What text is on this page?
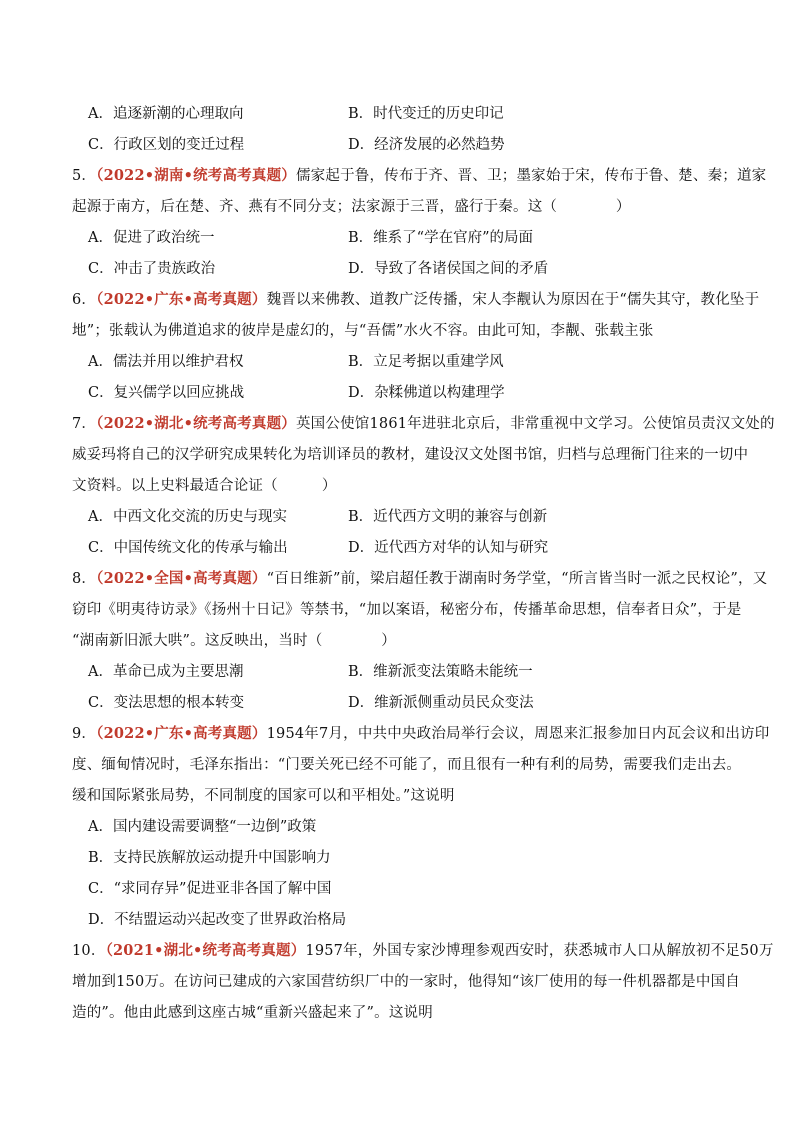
A．追逐新潮的心理取向	B．时代变迁的历史印记
C．行政区划的变迁过程	D．经济发展的必然趋势
5．（2022•湖南•统考高考真题）儒家起于鲁，传布于齐、晋、卫；墨家始于宋，传布于鲁、楚、秦；道家
起源于南方，后在楚、齐、燕有不同分支；法家源于三晋，盛行于秦。这（　　　　）
A．促进了政治统一	B．维系了“学在官府”的局面
C．冲击了贵族政治	D．导致了各诸侯国之间的矛盾
6．（2022•广东•高考真题）魏晋以来佛教、道教广泛传播，宋人李觏认为原因在于“儒失其守，教化坠于
地”；张载认为佛道追求的彼岸是虚幻的，与“吾儒”水火不容。由此可知，李觏、张载主张
A．儒法并用以维护君权	B．立足考据以重建学风
C．复兴儒学以回应挑战	D．杂糅佛道以构建理学
7．（2022•湖北•统考高考真题）英国公使馆1861年进驻北京后，非常重视中文学习。公使馆员责汉文处的
威妥玛将自己的汉学研究成果转化为培训译员的教材，建设汉文处图书馆，归档与总理衙门往来的一切中
文资料。以上史料最适合论证（　　　）
A．中西文化交流的历史与现实	B．近代西方文明的兼容与创新
C．中国传统文化的传承与输出	D．近代西方对华的认知与研究
8．（2022•全国•高考真题）“百日维新”前，梁启超任教于湖南时务学堂，“所言皆当时一派之民权论”，又
窃印《明夷待访录》《扬州十日记》等禁书，“加以案语，秘密分布，传播革命思想，信奉者日众”，于是
“湖南新旧派大哄”。这反映出，当时（　　　　）
A．革命已成为主要思潮	B．维新派变法策略未能统一
C．变法思想的根本转变	D．维新派侧重动员民众变法
9．（2022•广东•高考真题）1954年7月，中共中央政治局举行会议，周恩来汇报参加日内瓦会议和出访印
度、缅甸情况时，毛泽东指出：“门要关死已经不可能了，而且很有一种有利的局势，需要我们走出去。
缓和国际紧张局势，不同制度的国家可以和平相处。”这说明
A．国内建设需要调整“一边倒”政策
B．支持民族解放运动提升中国影响力
C．“求同存异”促进亚非各国了解中国
D．不结盟运动兴起改变了世界政治格局
10．（2021•湖北•统考高考真题）1957年，外国专家沙博理参观西安时，获悉城市人口从解放初不足50万
增加到150万。在访问已建成的六家国营纺织厂中的一家时，他得知“该厂使用的每一件机器都是中国自
造的”。他由此感到这座古城“重新兴盛起来了”。这说明
